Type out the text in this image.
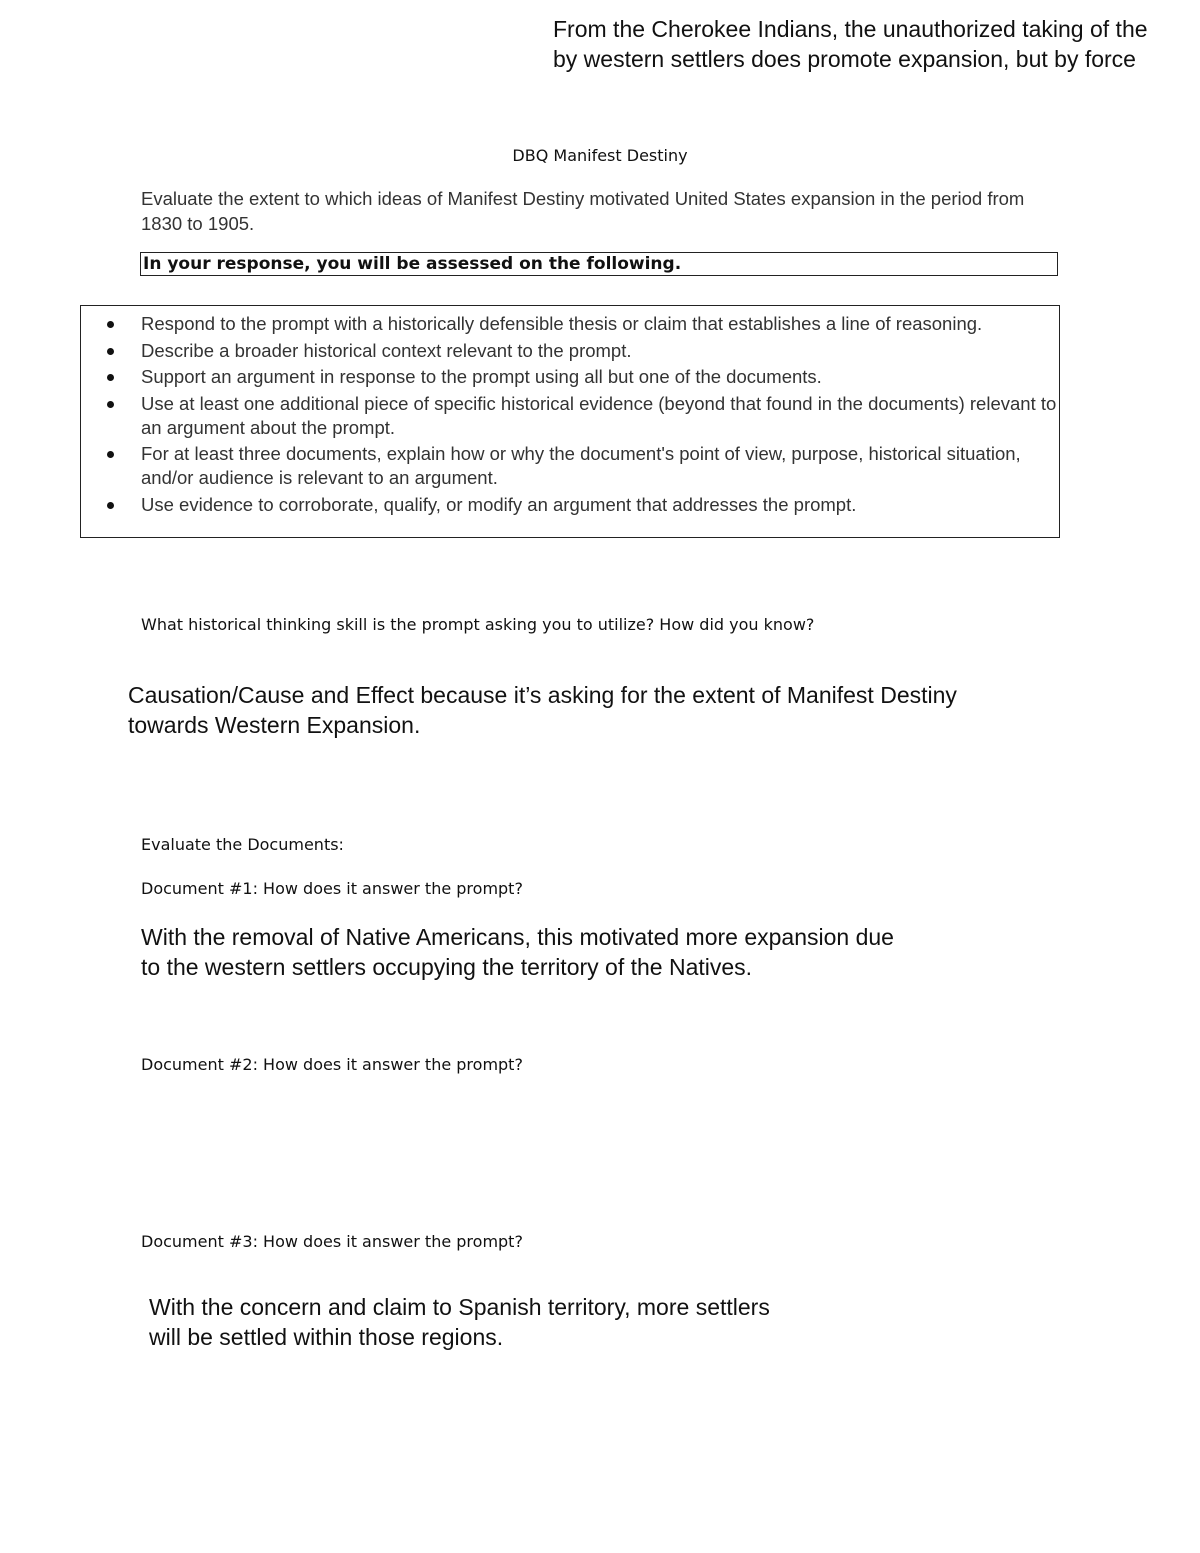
From the Cherokee Indians, the unauthorized taking of the
by western settlers does promote expansion, but by force
DBQ Manifest Destiny
Evaluate the extent to which ideas of Manifest Destiny motivated United States expansion in the period from 1830 to 1905.
In your response, you will be assessed on the following.
Respond to the prompt with a historically defensible thesis or claim that establishes a line of reasoning.
Describe a broader historical context relevant to the prompt.
Support an argument in response to the prompt using all but one of the documents.
Use at least one additional piece of specific historical evidence (beyond that found in the documents) relevant to an argument about the prompt.
For at least three documents, explain how or why the document's point of view, purpose, historical situation, and/or audience is relevant to an argument.
Use evidence to corroborate, qualify, or modify an argument that addresses the prompt.
What historical thinking skill is the prompt asking you to utilize? How did you know?
Causation/Cause and Effect because it’s asking for the extent of Manifest Destiny
towards Western Expansion.
Evaluate the Documents:
Document #1: How does it answer the prompt?
With the removal of Native Americans, this motivated more expansion due
to the western settlers occupying the territory of the Natives.
Document #2: How does it answer the prompt?
Document #3: How does it answer the prompt?
With the concern and claim to Spanish territory, more settlers
will be settled within those regions.
